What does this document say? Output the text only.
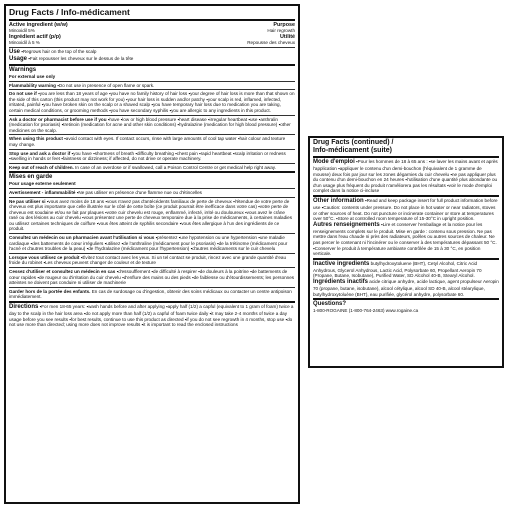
Drug Facts / Info-médicament
Active ingredient (w/w)	Purpose
Minoxidil 5%	Hair regrowth
Ingrédient actif (p/p)	Utilité
Minoxidil à 5 %	Repousse des cheveux
Use ▪Regrows hair on the top of the scalp
Usage ▪Fait repousser les cheveux sur le dessus de la tête
Warnings
For external use only
Flammability warning ▪Do not use in presence of open flame or spark.
Do not use if ▪you are less than 18 years of age ▪you have no family history of hair loss ▪your degree of hair loss is more than that shown on the side of this carton (this product may not work for you) ▪your hair loss is sudden and/or patchy ▪your scalp is red, inflamed, infected, irritated, painful ▪you have broken skin on the scalp or a shaved scalp ▪you have temporary hair loss due to medication you are taking, certain medical conditions, or grooming methods ▪you have secondary syphilis ▪you are allergic to any ingredients in this product.
Ask a doctor or pharmacist before use if you ▪have ▪low or high blood pressure ▪heart disease ▪irregular heartbeat ▪use ▪anthralin (medication for psoriasis) ▪tretinoin (medication for acne and other skin conditions) ▪hydralazine (medication for high blood pressure) ▪other medicines on the scalp.
When using this product ▪avoid contact with eyes. If contact occurs, rinse with large amounts of cool tap water ▪hair colour and texture may change.
Stop use and ask a doctor if ▪you have ▪shortness of breath ▪difficulty breathing ▪chest pain ▪rapid heartbeat ▪scalp irritation or redness ▪swelling in hands or feet ▪faintness or dizziness; if affected, do not drive or operate machinery.
Keep out of reach of children. In case of an overdose or if swallowed, call a Poison Control Centre or get medical help right away.
Mises en garde
Pour usage externe seulement
Avertissement - inflammabilité ▪Ne pas utiliser en présence d'une flamme nue ou d'étincelles
Ne pas utiliser si ▪vous avez moins de 18 ans ▪vous n'avez pas d'antécédents familiaux de perte de cheveux ▪l'étendue de votre perte de cheveux est plus importante que celle illustrée sur le côté de cette boîte (ce produit pourrait être inefficace dans votre cas) ▪votre perte de cheveux est soudaine et/ou se fait par plaques ▪votre cuir chevelu est rouge, enflammé, infecté, irrité ou douloureux ▪vous avez le crâne rasé ou des lésions au cuir chevelu ▪vous présentez une perte de cheveux temporaire due à la prise de médicaments, à certaines maladies ou utilisez certaines techniques de coiffure ▪vous êtes atteint de syphilis secondaire ▪vous êtes allergique à l'un des ingrédients de ce produit.
Consultez un médecin ou un pharmacien avant l'utilisation si vous ▪présentez ▪une hypotension ou une hypertension ▪une maladie cardiaque ▪des battements de cœur irréguliers ▪utilisez ▪de l'anthraline (médicament pour le psoriasis) ▪de la trétinoïne (médicament pour l'acné et d'autres troubles de la peau) ▪de l'hydralazine (médicament pour l'hypertension) ▪d'autres médicaments sur le cuir chevelu
Lorsque vous utilisez ce produit ▪Évitez tout contact avec les yeux. Si un tel contact se produit, rincez avec une grande quantité d'eau froide du robinet ▪Les cheveux peuvent changer de couleur et de texture
Cessez d'utiliser et consultez un médecin en cas ▪d'essoufflement ▪de difficulté à respirer ▪de douleurs à la poitrine ▪de battements de cœur rapides ▪de rougeur ou d'irritation du cuir chevelu ▪d'enflure des mains ou des pieds ▪de faiblesse ou d'étourdissements; les personnes atteintes ne doivent pas conduire ni utiliser de machinerie
Garder hors de la portée des enfants. En cas de surdosage ou d'ingestion, obtenir des soins médicaux ou contacter un centre antipoison immédiatement.
Directions ▪For men 18-65 years: ▪wash hands before and after applying ▪apply half (1/2) a capful (equivalent to 1 gram of foam) twice a day to the scalp in the hair loss area ▪do not apply more than half (1/2) a capful of foam twice daily ▪it may take 2-4 months of twice a day usage before you see results ▪for best results, continue to use this product as directed ▪if you do not see regrowth in 4 months, stop use ▪do not use more than directed; using more does not improve results ▪it is important to read the enclosed instructions
Drug Facts (continued) /
Info-médicament (suite)
Mode d'emploi ▪Pour les hommes de 18 à 65 ans : ▪se laver les mains avant et après l'application ▪appliquer le contenu d'un demi-bouchon (l'équivalent de 1 gramme de mousse) deux fois par jour sur les zones dégarnies du cuir chevelu ▪ne pas appliquer plus du contenu d'un demi-bouchon en 24 heures ▪l'utilisation d'une quantité plus abondante ou d'un usage plus fréquent du produit n'améliorera pas les résultats ▪voir le mode d'emploi complet dans la notice ci-incluse
Other information ▪Read and keep package insert for full product information before use ▪Caution: contents under pressure. Do not place in hot water or near radiators, stoves or other sources of heat. Do not puncture or incinerate container or store at temperatures over 50°C. ▪Store at controlled room temperature of 15-30°C in upright position.
Autres renseignements ▪Lire et conserver l'emballage et la notice pour les renseignements complets sur le produit. Mise en garde : contenu sous pression. Ne pas mettre dans l'eau chaude ni près des radiateurs, poêles ou autres sources de chaleur. Ne pas percer le contenant ni l'incinérer ou le conserver à des températures dépassant 50 °C. ▪Conserver le produit à température ambiante contrôlée de 15 à 30 °C, en position verticale.
Inactive ingredients butylhydroxytoluene (BHT), Cetyl Alcohol, Citric Acid Anhydrous, Glycerol Anhydrous, Lactic Acid, Polysorbate 60, Propellant Aeropin 70 (Propane, Butane, Isobutane), Purified Water, SD Alcohol 40-B, Stearyl Alcohol.
Ingrédients inactifs acide citrique anhydre, acide lactique, agent propulseur Aeropin 70 (propane, butane, isobutane), alcool cétylique, alcool SD 40-B, alcool stéarylique, butylhydroxytoluène (BHT), eau purifiée, glycérol anhydre, polysorbate 60.
Questions?
1-800-ROGAINE (1-800-764-2463) www.rogaine.ca
